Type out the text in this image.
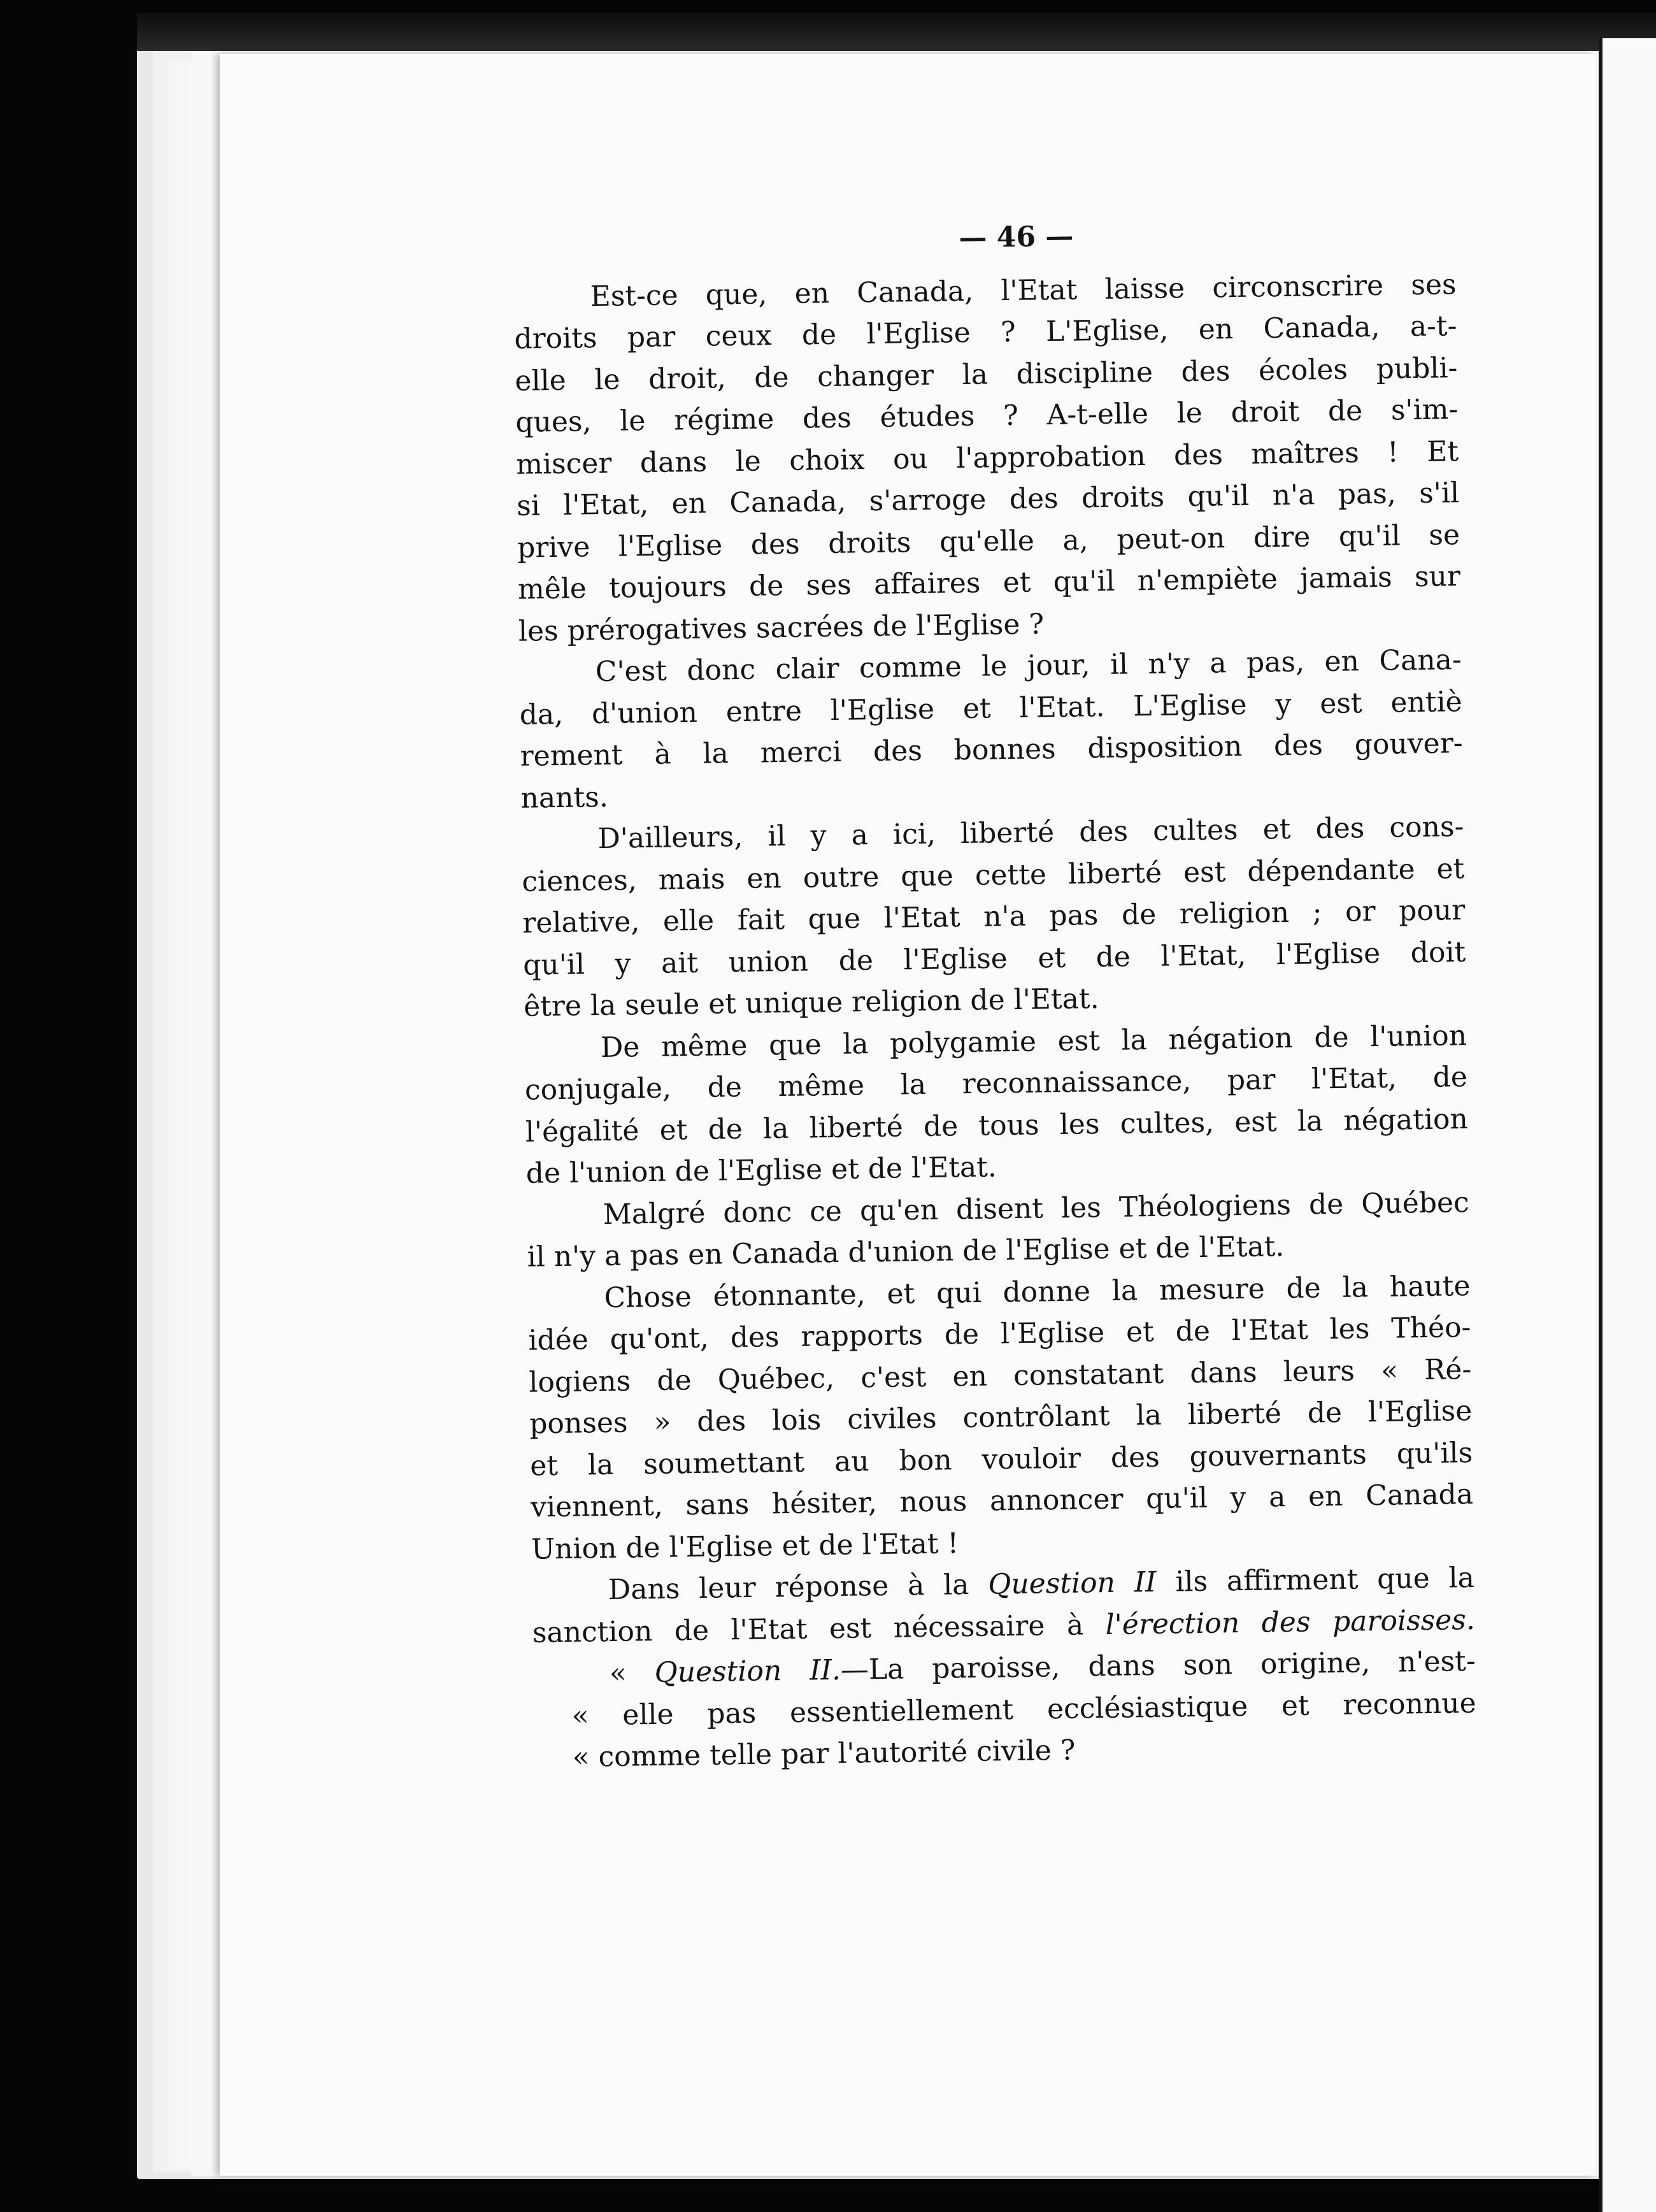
— 46 —

Est-ce que, en Canada, l'Etat laisse circonscrire ses
droits par ceux de l'Eglise ? L'Eglise, en Canada, a-t-
elle le droit, de changer la discipline des écoles publi-
ques, le régime des études ? A-t-elle le droit de s'im-
miscer dans le choix ou l'approbation des maîtres ! Et
si l'Etat, en Canada, s'arroge des droits qu'il n'a pas, s'il
prive l'Eglise des droits qu'elle a, peut-on dire qu'il se
mêle toujours de ses affaires et qu'il n'empiète jamais sur
les prérogatives sacrées de l'Eglise ?

C'est donc clair comme le jour, il n'y a pas, en Cana-
da, d'union entre l'Eglise et l'Etat. L'Eglise y est entiè
rement à la merci des bonnes disposition des gouver-
nants.

D'ailleurs, il y a ici, liberté des cultes et des cons-
ciences, mais en outre que cette liberté est dépendante et
relative, elle fait que l'Etat n'a pas de religion ; or pour
qu'il y ait union de l'Eglise et de l'Etat, l'Eglise doit
être la seule et unique religion de l'Etat.

De même que la polygamie est la négation de l'union
conjugale, de même la reconnaissance, par l'Etat, de
l'égalité et de la liberté de tous les cultes, est la négation
de l'union de l'Eglise et de l'Etat.

Malgré donc ce qu'en disent les Théologiens de Québec
il n'y a pas en Canada d'union de l'Eglise et de l'Etat.

Chose étonnante, et qui donne la mesure de la haute
idée qu'ont, des rapports de l'Eglise et de l'Etat les Théo-
logiens de Québec, c'est en constatant dans leurs « Ré-
ponses » des lois civiles contrôlant la liberté de l'Eglise
et la soumettant au bon vouloir des gouvernants qu'ils
viennent, sans hésiter, nous annoncer qu'il y a en Canada
Union de l'Eglise et de l'Etat !

Dans leur réponse à la Question II ils affirment que la
sanction de l'Etat est nécessaire à l'érection des paroisses.

« Question II.—La paroisse, dans son origine, n'est-
« elle pas essentiellement ecclésiastique et reconnue
« comme telle par l'autorité civile ?
